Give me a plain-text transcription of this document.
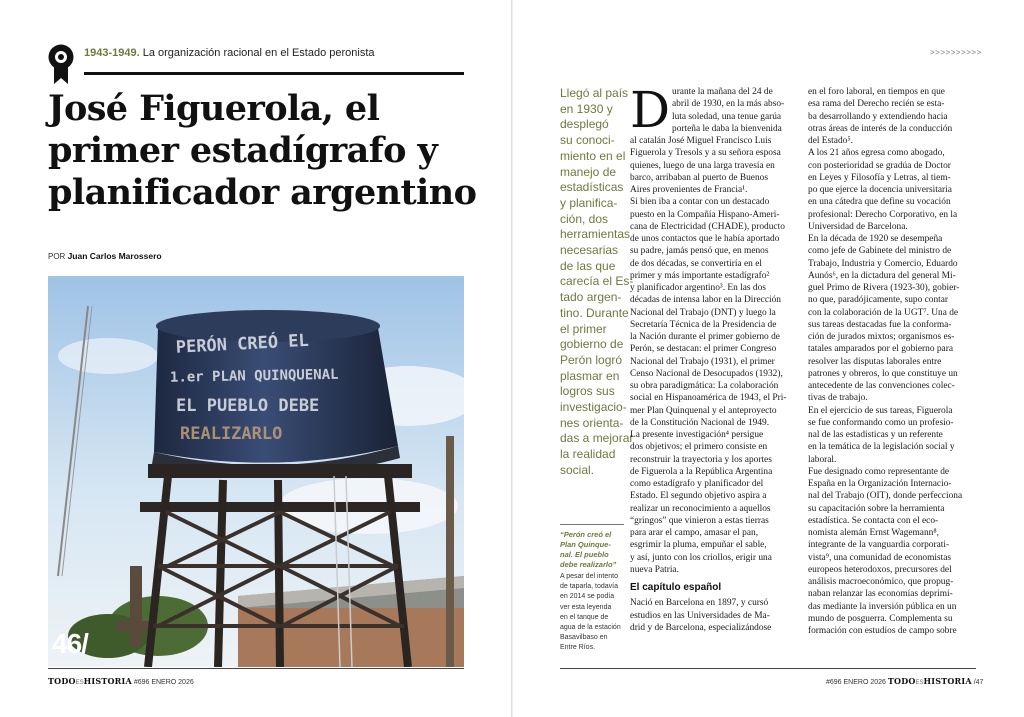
1943-1949. La organización racional en el Estado peronista
José Figuerola, el
primer estadígrafo y
planificador argentino
POR Juan Carlos Marossero
PERÓN CREÓ EL
1.er PLAN QUINQUENAL
EL PUEBLO DEBE
REALIZARLO
46/
TODOESHISTORIA #696 ENERO 2026
>>>>>>>>>>
Llegó al país
en 1930 y
desplegó
su conoci-
miento en el
manejo de
estadísticas
y planifica-
ción, dos
herramientas
necesarias
de las que
carecía el Es-
tado argen-
tino. Durante
el primer
gobierno de
Perón logró
plasmar en
logros sus
investigacio-
nes orienta-
das a mejorar
la realidad
social.
“Perón creó el
Plan Quinque-
nal. El pueblo
debe realizarlo”
A pesar del intento
de taparla, todavía
en 2014 se podía
ver esta leyenda
en el tanque de
agua de la estación
Basavilbaso en
Entre Ríos.
D urante la mañana del 24 de
abril de 1930, en la más abso-
luta soledad, una tenue garúa
porteña le daba la bienvenida
al catalán José Miguel Francisco Luis
Figuerola y Tresols y a su señora esposa
quienes, luego de una larga travesía en
barco, arribaban al puerto de Buenos
Aires provenientes de Francia¹.
Si bien iba a contar con un destacado
puesto en la Compañía Hispano-Ameri-
cana de Electricidad (CHADE), producto
de unos contactos que le había aportado
su padre, jamás pensó que, en menos
de dos décadas, se convertiría en el
primer y más importante estadígrafo²
y planificador argentino³. En las dos
décadas de intensa labor en la Dirección
Nacional del Trabajo (DNT) y luego la
Secretaría Técnica de la Presidencia de
la Nación durante el primer gobierno de
Perón, se destacan: el primer Congreso
Nacional del Trabajo (1931), el primer
Censo Nacional de Desocupados (1932),
su obra paradigmática: La colaboración
social en Hispanoamérica de 1943, el Pri-
mer Plan Quinquenal y el anteproyecto
de la Constitución Nacional de 1949.
La presente investigación⁴ persigue
dos objetivos; el primero consiste en
reconstruir la trayectoria y los aportes
de Figuerola a la República Argentina
como estadígrafo y planificador del
Estado. El segundo objetivo aspira a
realizar un reconocimiento a aquellos
“gringos” que vinieron a estas tierras
para arar el campo, amasar el pan,
esgrimir la pluma, empuñar el sable,
y así, junto con los criollos, erigir una
nueva Patria.
El capítulo español
Nació en Barcelona en 1897, y cursó
estudios en las Universidades de Ma-
drid y de Barcelona, especializándose
en el foro laboral, en tiempos en que
esa rama del Derecho recién se esta-
ba desarrollando y extendiendo hacia
otras áreas de interés de la conducción
del Estado⁵.
A los 21 años egresa como abogado,
con posterioridad se gradúa de Doctor
en Leyes y Filosofía y Letras, al tiem-
po que ejerce la docencia universitaria
en una cátedra que define su vocación
profesional: Derecho Corporativo, en la
Universidad de Barcelona.
En la década de 1920 se desempeña
como jefe de Gabinete del ministro de
Trabajo, Industria y Comercio, Eduardo
Aunós⁶, en la dictadura del general Mi-
guel Primo de Rivera (1923-30), gobier-
no que, paradójicamente, supo contar
con la colaboración de la UGT⁷. Una de
sus tareas destacadas fue la conforma-
ción de jurados mixtos; organismos es-
tatales amparados por el gobierno para
resolver las disputas laborales entre
patrones y obreros, lo que constituye un
antecedente de las convenciones colec-
tivas de trabajo.
En el ejercicio de sus tareas, Figuerola
se fue conformando como un profesio-
nal de las estadísticas y un referente
en la temática de la legislación social y
laboral.
Fue designado como representante de
España en la Organización Internacio-
nal del Trabajo (OIT), donde perfecciona
su capacitación sobre la herramienta
estadística. Se contacta con el eco-
nomista alemán Ernst Wagemann⁸,
integrante de la vanguardia corporati-
vista⁹, una comunidad de economistas
europeos heterodoxos, precursores del
análisis macroeconómico, que propug-
naban relanzar las economías deprimi-
das mediante la inversión pública en un
mundo de posguerra. Complementa su
formación con estudios de campo sobre
#696 ENERO 2026 TODOESHISTORIA /47
